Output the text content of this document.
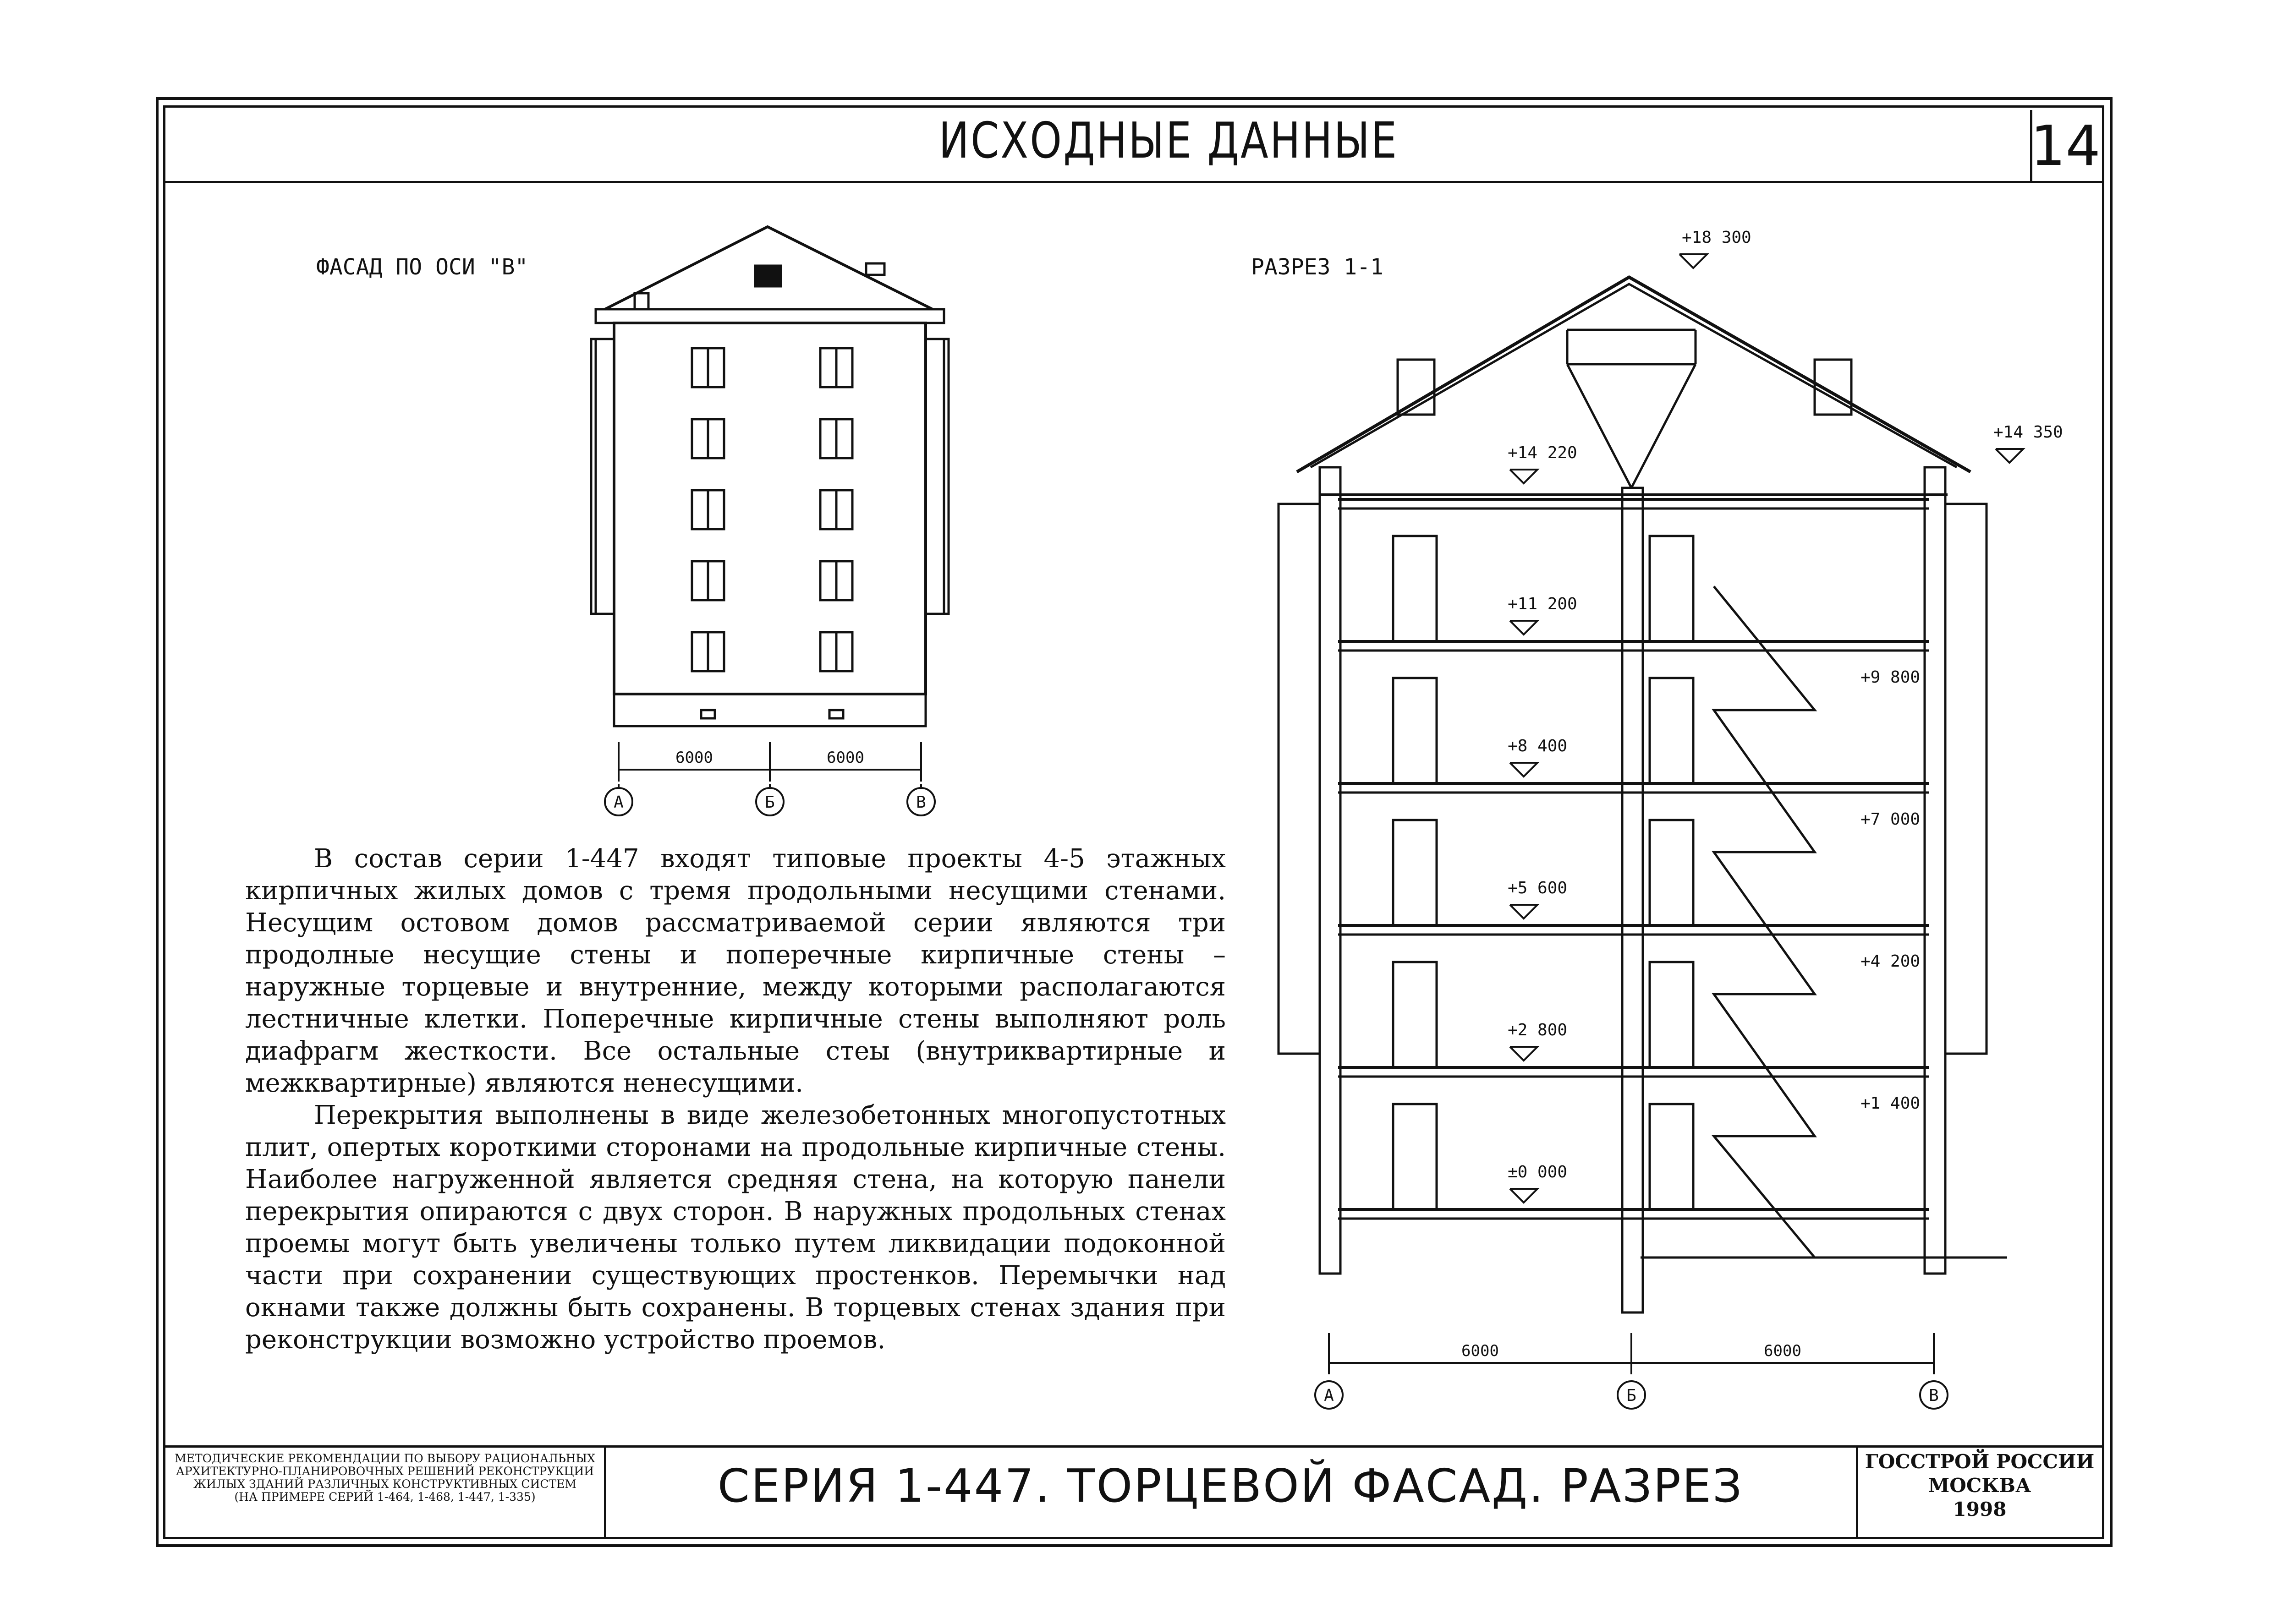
14
ИСХОДНЫЕ ДАННЫЕ
ФАСАД ПО ОСИ "В"	РАЗРЕЗ 1-1
6000	6000
А	Б	В
+18 300
+14 350
+14 220
+11 200
+8 400
+5 600
+2 800
±0 000
+9 800
+7 000
+4 200
+1 400
6000	6000
А	Б	В

В состав серии 1-447 входят типовые проекты 4-5 этажных кирпичных жилых домов с тремя продольными несущими стенами. Несущим остовом домов рассматриваемой серии являются три продолные несущие стены и поперечные кирпичные стены – наружные торцевые и внутренние, между которыми располагаются лестничные клетки. Поперечные кирпичные стены выполняют роль диафрагм жесткости. Все остальные стеы (внутриквартирные и межквартирные) являются ненесущими.

Перекрытия выполнены в виде железобетонных многопустотных плит, опертых короткими сторонами на продольные кирпичные стены. Наиболее нагруженной является средняя стена, на которую панели перекрытия опираются с двух сторон. В наружных продольных стенах проемы могут быть увеличены только путем ликвидации подоконной части при сохранении существующих простенков. Перемычки над окнами также должны быть сохранены. В торцевых стенах здания при реконструкции возможно устройство проемов.

МЕТОДИЧЕСКИЕ РЕКОМЕНДАЦИИ ПО ВЫБОРУ РАЦИОНАЛЬНЫХ
АРХИТЕКТУРНО-ПЛАНИРОВОЧНЫХ РЕШЕНИЙ РЕКОНСТРУКЦИИ
ЖИЛЫХ ЗДАНИЙ РАЗЛИЧНЫХ КОНСТРУКТИВНЫХ СИСТЕМ
(НА ПРИМЕРЕ СЕРИЙ 1-464, 1-468, 1-447, 1-335)	СЕРИЯ 1-447. ТОРЦЕВОЙ ФАСАД. РАЗРЕЗ	ГОССТРОЙ РОССИИ
МОСКВА
1998
